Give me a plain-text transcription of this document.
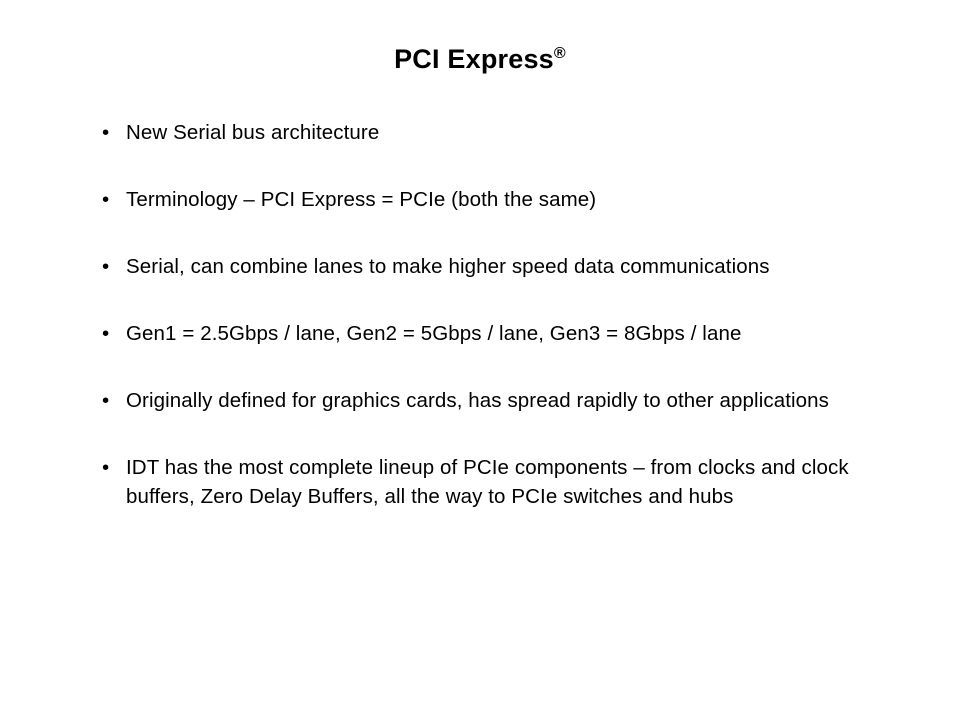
PCI Express®
• New Serial bus architecture
• Terminology – PCI Express = PCIe (both the same)
• Serial, can combine lanes to make higher speed data communications
• Gen1 = 2.5Gbps / lane, Gen2 = 5Gbps / lane, Gen3 = 8Gbps / lane
• Originally defined for graphics cards, has spread rapidly to other applications
• IDT has the most complete lineup of PCIe components – from clocks and clock buffers, Zero Delay Buffers, all the way to PCIe switches and hubs
